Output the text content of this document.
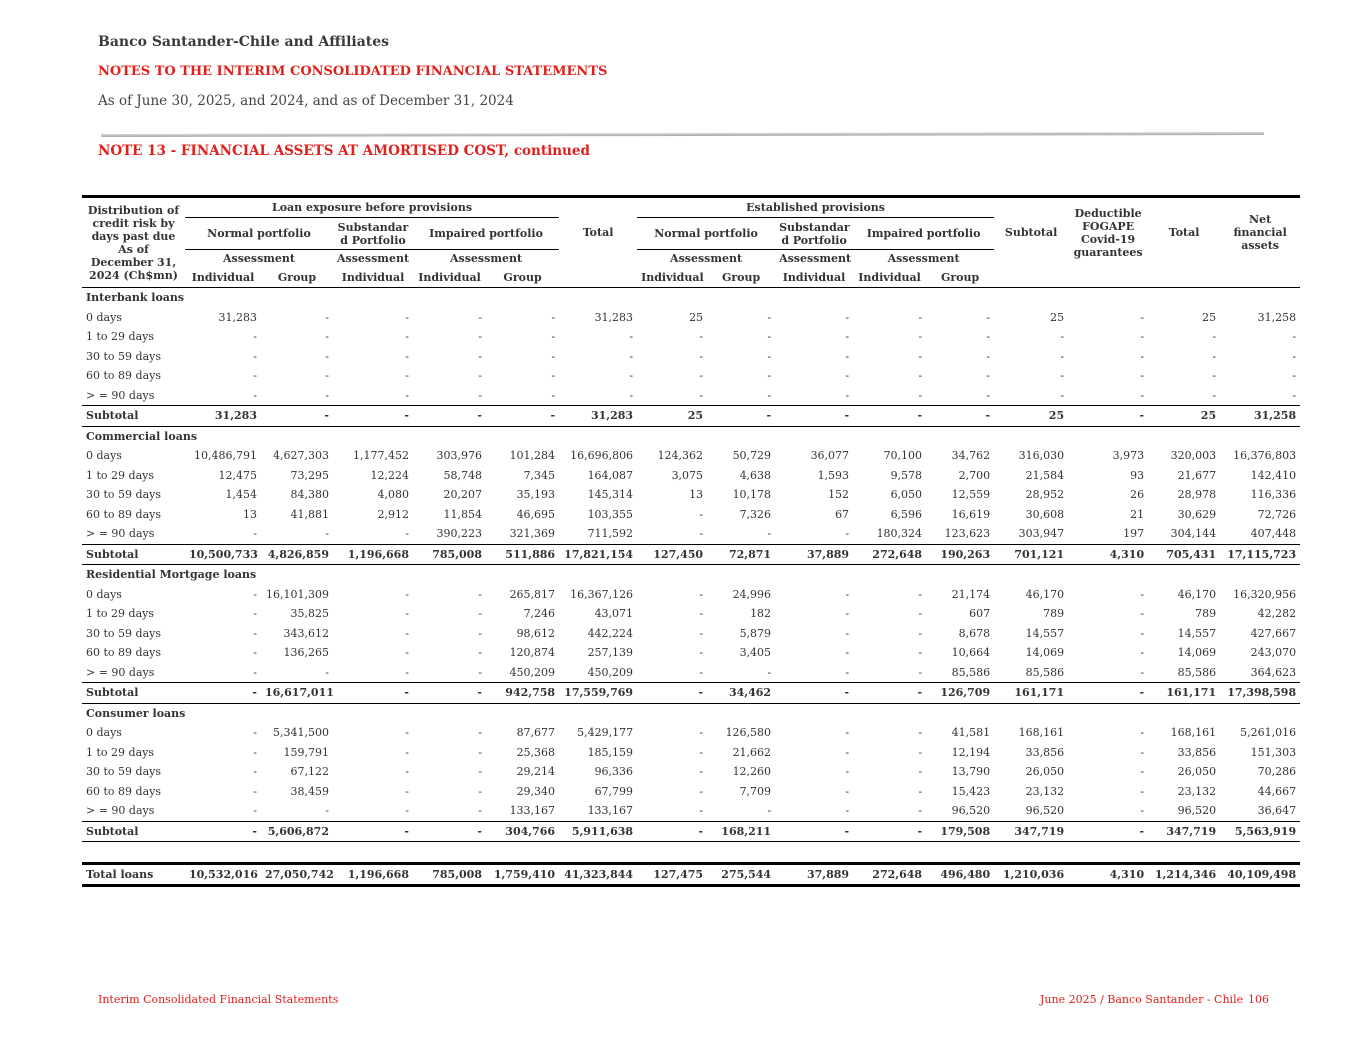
Banco Santander-Chile and Affiliates
NOTES TO THE INTERIM CONSOLIDATED FINANCIAL STATEMENTS
As of June 30, 2025, and 2024, and as of December 31, 2024
NOTE 13 - FINANCIAL ASSETS AT AMORTISED COST, continued
Distribution of credit risk by days past due As of December 31, 2024 (Ch$mn)	Loan exposure before provisions					Total	Established provisions					Subtotal	Deductible FOGAPE Covid-19 guarantees	Total	Net financial assets
	Normal portfolio		Substandar d Portfolio	Impaired portfolio			Normal portfolio		Substandar d Portfolio	Impaired portfolio					
	Assessment		Assessment	Assessment			Assessment		Assessment	Assessment					
	Individual	Group	Individual	Individual	Group		Individual	Group	Individual	Individual	Group				
Interbank loans															
0 days	31,283	-	-	-	-	31,283	25	-	-	-	-	25	-	25	31,258
1 to 29 days	-	-	-	-	-	-	-	-	-	-	-	-	-	-	-
30 to 59 days	-	-	-	-	-	-	-	-	-	-	-	-	-	-	-
60 to 89 days	-	-	-	-	-	-	-	-	-	-	-	-	-	-	-
> = 90 days	-	-	-	-	-	-	-	-	-	-	-	-	-	-	-
Subtotal	31,283	-	-	-	-	31,283	25	-	-	-	-	25	-	25	31,258
Commercial loans															
0 days	10,486,791	4,627,303	1,177,452	303,976	101,284	16,696,806	124,362	50,729	36,077	70,100	34,762	316,030	3,973	320,003	16,376,803
1 to 29 days	12,475	73,295	12,224	58,748	7,345	164,087	3,075	4,638	1,593	9,578	2,700	21,584	93	21,677	142,410
30 to 59 days	1,454	84,380	4,080	20,207	35,193	145,314	13	10,178	152	6,050	12,559	28,952	26	28,978	116,336
60 to 89 days	13	41,881	2,912	11,854	46,695	103,355	-	7,326	67	6,596	16,619	30,608	21	30,629	72,726
> = 90 days	-	-	-	390,223	321,369	711,592	-	-	-	180,324	123,623	303,947	197	304,144	407,448
Subtotal	10,500,733	4,826,859	1,196,668	785,008	511,886	17,821,154	127,450	72,871	37,889	272,648	190,263	701,121	4,310	705,431	17,115,723
Residential Mortgage loans															
0 days	-	16,101,309	-	-	265,817	16,367,126	-	24,996	-	-	21,174	46,170	-	46,170	16,320,956
1 to 29 days	-	35,825	-	-	7,246	43,071	-	182	-	-	607	789	-	789	42,282
30 to 59 days	-	343,612	-	-	98,612	442,224	-	5,879	-	-	8,678	14,557	-	14,557	427,667
60 to 89 days	-	136,265	-	-	120,874	257,139	-	3,405	-	-	10,664	14,069	-	14,069	243,070
> = 90 days	-	-	-	-	450,209	450,209	-	-	-	-	85,586	85,586	-	85,586	364,623
Subtotal	-	16,617,011	-	-	942,758	17,559,769	-	34,462	-	-	126,709	161,171	-	161,171	17,398,598
Consumer loans															
0 days	-	5,341,500	-	-	87,677	5,429,177	-	126,580	-	-	41,581	168,161	-	168,161	5,261,016
1 to 29 days	-	159,791	-	-	25,368	185,159	-	21,662	-	-	12,194	33,856	-	33,856	151,303
30 to 59 days	-	67,122	-	-	29,214	96,336	-	12,260	-	-	13,790	26,050	-	26,050	70,286
60 to 89 days	-	38,459	-	-	29,340	67,799	-	7,709	-	-	15,423	23,132	-	23,132	44,667
> = 90 days	-	-	-	-	133,167	133,167	-	-	-	-	96,520	96,520	-	96,520	36,647
Subtotal	-	5,606,872	-	-	304,766	5,911,638	-	168,211	-	-	179,508	347,719	-	347,719	5,563,919

Total loans	10,532,016	27,050,742	1,196,668	785,008	1,759,410	41,323,844	127,475	275,544	37,889	272,648	496,480	1,210,036	4,310	1,214,346	40,109,498
Interim Consolidated Financial Statements	June 2025 / Banco Santander - Chile 106
